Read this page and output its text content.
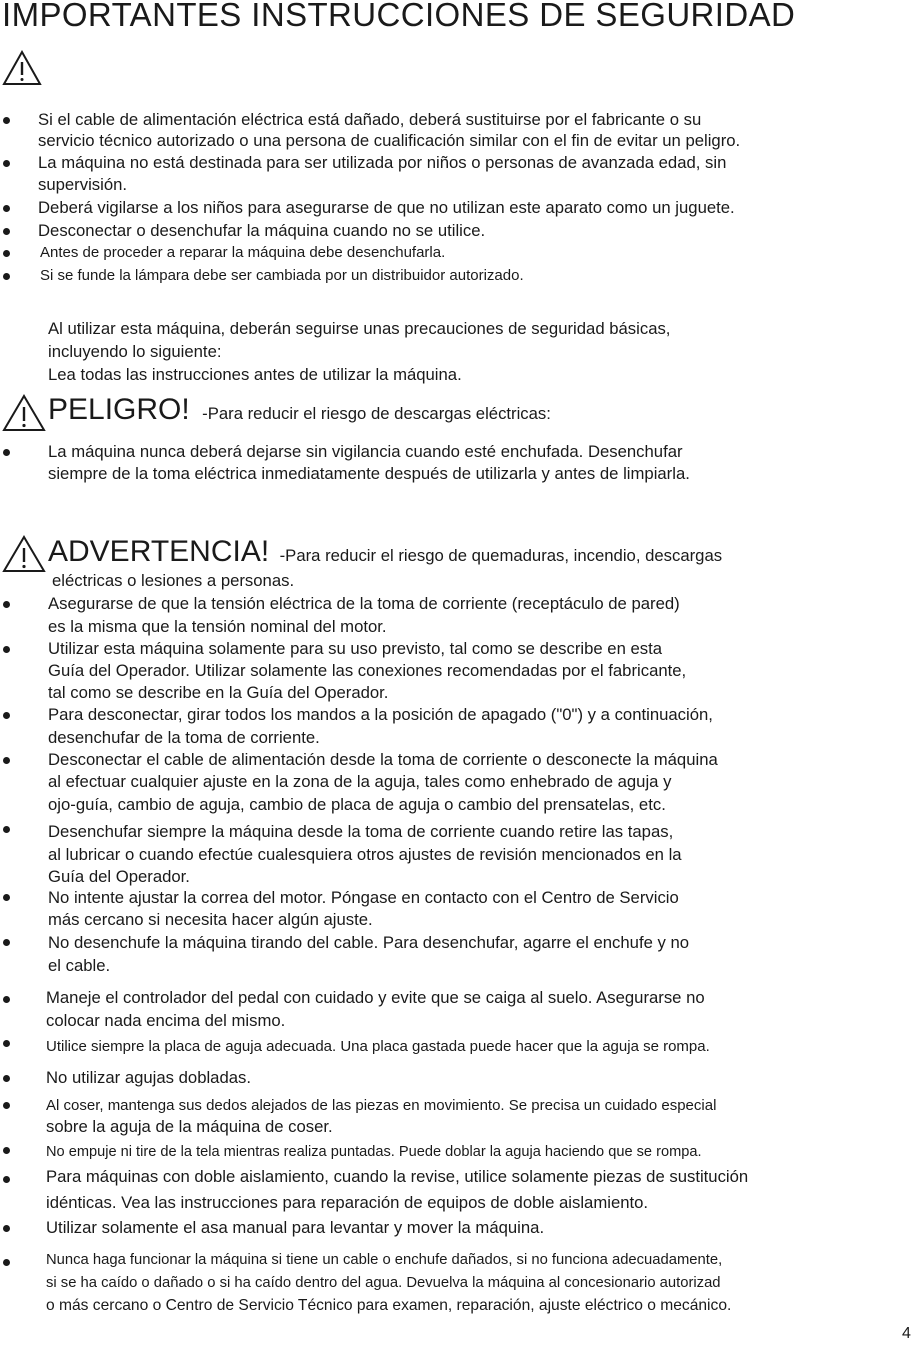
IMPORTANTES INSTRUCCIONES DE SEGURIDAD
Si el cable de alimentación eléctrica está dañado, deberá sustituirse por el fabricante o su
servicio técnico autorizado o una persona de cualificación similar con el fin de evitar un peligro.
La máquina no está destinada para ser utilizada por niños o personas de avanzada edad, sin
supervisión.
Deberá vigilarse a los niños para asegurarse de que no utilizan este aparato como un juguete.
Desconectar o desenchufar la máquina cuando no se utilice.
Antes de proceder a reparar la máquina debe desenchufarla.
Si se funde la lámpara debe ser cambiada por un distribuidor autorizado.
Al utilizar esta máquina, deberán seguirse unas precauciones de seguridad básicas,
incluyendo lo siguiente:
Lea todas las instrucciones antes de utilizar la máquina.
PELIGRO! -Para reducir el riesgo de descargas eléctricas:
La máquina nunca deberá dejarse sin vigilancia cuando esté enchufada. Desenchufar
siempre de la toma eléctrica inmediatamente después de utilizarla y antes de limpiarla.
ADVERTENCIA! -Para reducir el riesgo de quemaduras, incendio, descargas
eléctricas o lesiones a personas.
Asegurarse de que la tensión eléctrica de la toma de corriente (receptáculo de pared)
es la misma que la tensión nominal del motor.
Utilizar esta máquina solamente para su uso previsto, tal como se describe en esta
Guía del Operador. Utilizar solamente las conexiones recomendadas por el fabricante,
tal como se describe en la Guía del Operador.
Para desconectar, girar todos los mandos a la posición de apagado ("0") y a continuación,
desenchufar de la toma de corriente.
Desconectar el cable de alimentación desde la toma de corriente o desconecte la máquina
al efectuar cualquier ajuste en la zona de la aguja, tales como enhebrado de aguja y
ojo-guía, cambio de aguja, cambio de placa de aguja o cambio del prensatelas, etc.
Desenchufar siempre la máquina desde la toma de corriente cuando retire las tapas,
al lubricar o cuando efectúe cualesquiera otros ajustes de revisión mencionados en la
Guía del Operador.
No intente ajustar la correa del motor. Póngase en contacto con el Centro de Servicio
más cercano si necesita hacer algún ajuste.
No desenchufe la máquina tirando del cable. Para desenchufar, agarre el enchufe y no
el cable.
Maneje el controlador del pedal con cuidado y evite que se caiga al suelo. Asegurarse no
colocar nada encima del mismo.
Utilice siempre la placa de aguja adecuada. Una placa gastada puede hacer que la aguja se rompa.
No utilizar agujas dobladas.
Al coser, mantenga sus dedos alejados de las piezas en movimiento. Se precisa un cuidado especial
sobre la aguja de la máquina de coser.
No empuje ni tire de la tela mientras realiza puntadas. Puede doblar la aguja haciendo que se rompa.
Para máquinas con doble aislamiento, cuando la revise, utilice solamente piezas de sustitución
idénticas. Vea las instrucciones para reparación de equipos de doble aislamiento.
Utilizar solamente el asa manual para levantar y mover la máquina.
Nunca haga funcionar la máquina si tiene un cable o enchufe dañados, si no funciona adecuadamente,
si se ha caído o dañado o si ha caído dentro del agua. Devuelva la máquina al concesionario autorizad
o más cercano o Centro de Servicio Técnico para examen, reparación, ajuste eléctrico o mecánico.
4
